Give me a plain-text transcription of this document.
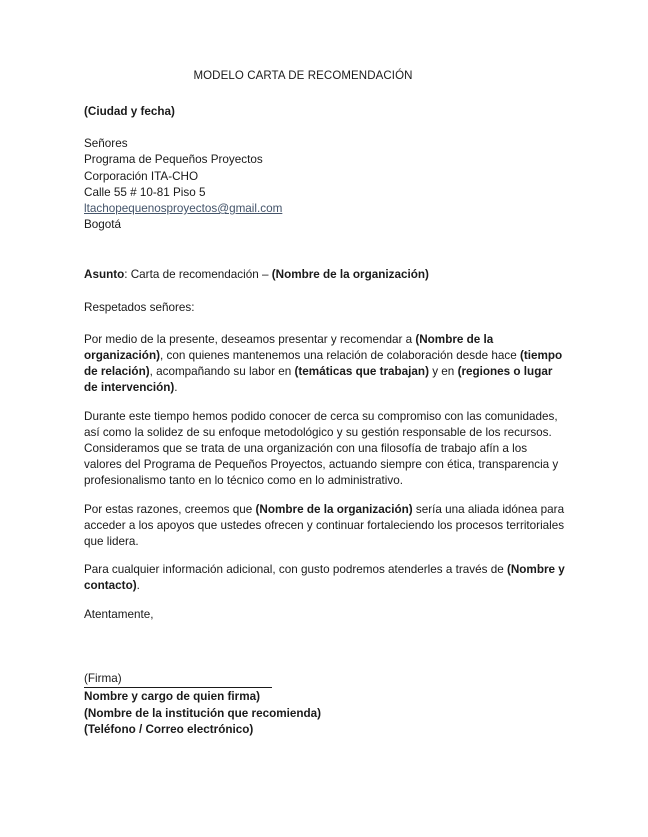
MODELO CARTA DE RECOMENDACIÓN
(Ciudad y fecha)
Señores
Programa de Pequeños Proyectos
Corporación ITA-CHO
Calle 55 # 10-81 Piso 5
ltachopequenosproyectos@gmail.com
Bogotá
Asunto: Carta de recomendación – (Nombre de la organización)
Respetados señores:
Por medio de la presente, deseamos presentar y recomendar a (Nombre de la organización), con quienes mantenemos una relación de colaboración desde hace (tiempo de relación), acompañando su labor en (temáticas que trabajan) y en (regiones o lugar de intervención).
Durante este tiempo hemos podido conocer de cerca su compromiso con las comunidades, así como la solidez de su enfoque metodológico y su gestión responsable de los recursos. Consideramos que se trata de una organización con una filosofía de trabajo afín a los valores del Programa de Pequeños Proyectos, actuando siempre con ética, transparencia y profesionalismo tanto en lo técnico como en lo administrativo.
Por estas razones, creemos que (Nombre de la organización) sería una aliada idónea para acceder a los apoyos que ustedes ofrecen y continuar fortaleciendo los procesos territoriales que lidera.
Para cualquier información adicional, con gusto podremos atenderles a través de (Nombre y contacto).
Atentamente,
(Firma)
Nombre y cargo de quien firma)
(Nombre de la institución que recomienda)
(Teléfono / Correo electrónico)
